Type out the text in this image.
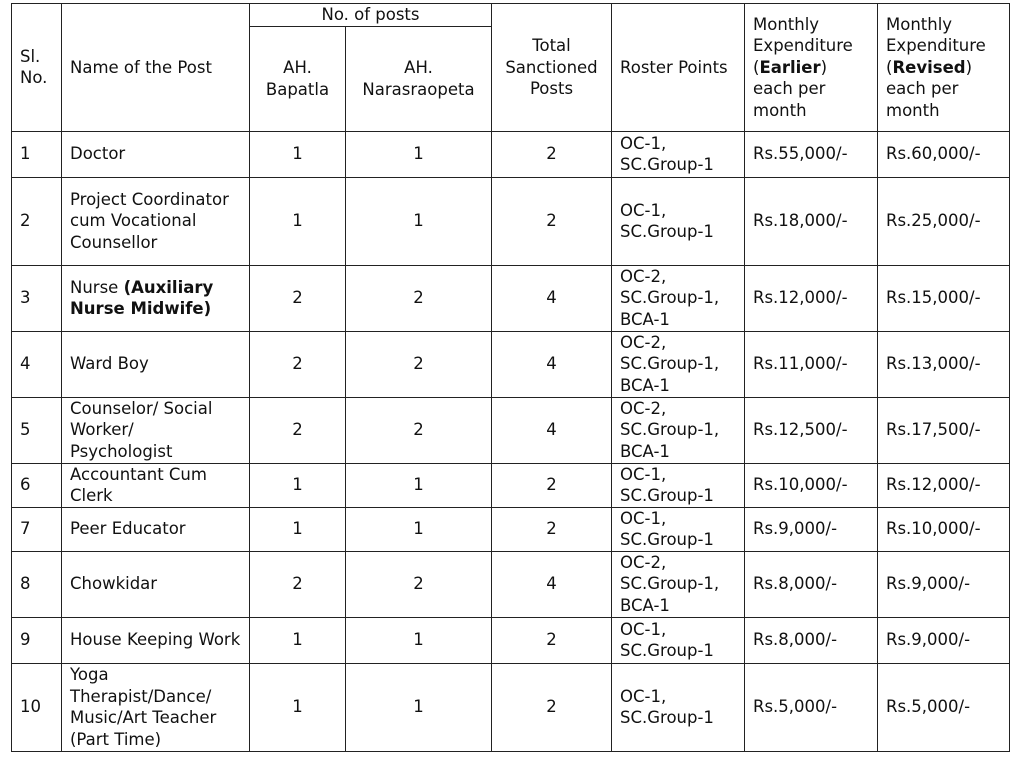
Sl. No.	Name of the Post	No. of posts		Total Sanctioned Posts	Roster Points	Monthly Expenditure (Earlier) each per month	Monthly Expenditure (Revised) each per month
		AH. Bapatla	AH. Narasraopeta				
1	Doctor	1	1	2	OC-1, SC.Group-1	Rs.55,000/-	Rs.60,000/-
2	Project Coordinator cum Vocational Counsellor	1	1	2	OC-1, SC.Group-1	Rs.18,000/-	Rs.25,000/-
3	Nurse (Auxiliary Nurse Midwife)	2	2	4	OC-2, SC.Group-1, BCA-1	Rs.12,000/-	Rs.15,000/-
4	Ward Boy	2	2	4	OC-2, SC.Group-1, BCA-1	Rs.11,000/-	Rs.13,000/-
5	Counselor/ Social Worker/ Psychologist	2	2	4	OC-2, SC.Group-1, BCA-1	Rs.12,500/-	Rs.17,500/-
6	Accountant Cum Clerk	1	1	2	OC-1, SC.Group-1	Rs.10,000/-	Rs.12,000/-
7	Peer Educator	1	1	2	OC-1, SC.Group-1	Rs.9,000/-	Rs.10,000/-
8	Chowkidar	2	2	4	OC-2, SC.Group-1, BCA-1	Rs.8,000/-	Rs.9,000/-
9	House Keeping Work	1	1	2	OC-1, SC.Group-1	Rs.8,000/-	Rs.9,000/-
10	Yoga Therapist/Dance/ Music/Art Teacher (Part Time)	1	1	2	OC-1, SC.Group-1	Rs.5,000/-	Rs.5,000/-
